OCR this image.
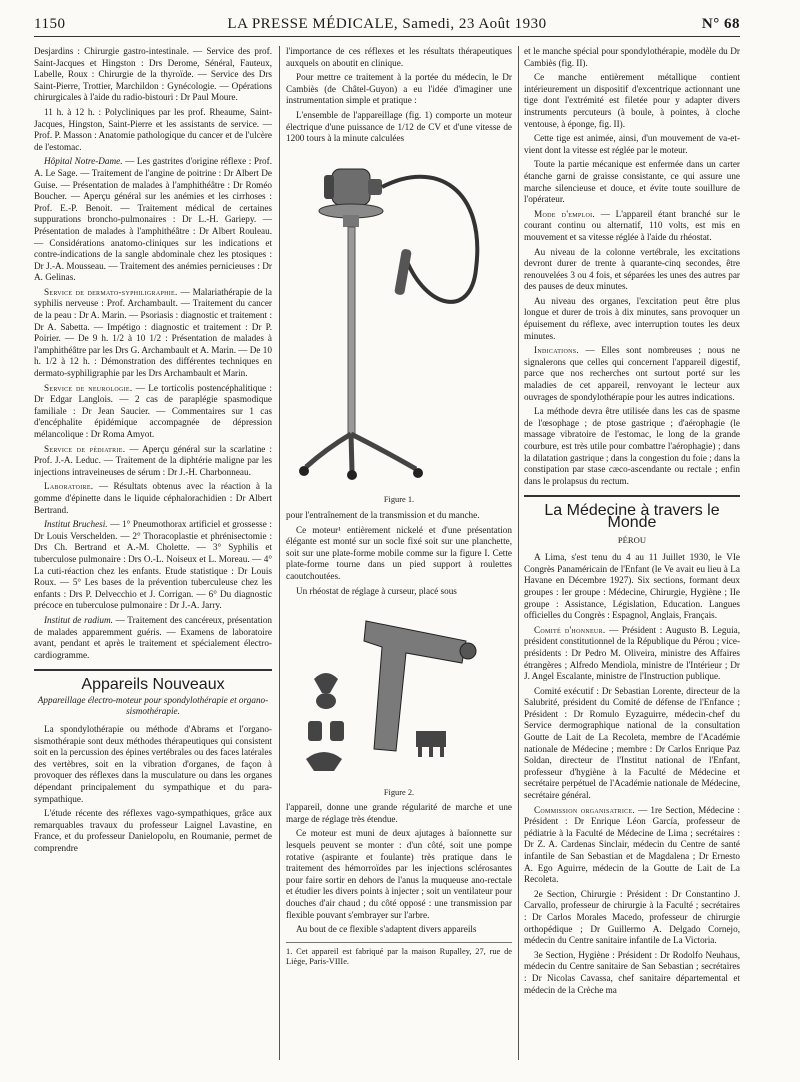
1150	LA PRESSE MÉDICALE, Samedi, 23 Août 1930	N° 68

Desjardins : Chirurgie gastro-intestinale. — Service des prof. Saint-Jacques et Hingston : Drs Derome, Sénéral, Fauteux, Labelle, Roux : Chirurgie de la thyroïde. — Service des Drs Saint-Pierre, Trottier, Marchildon : Gynécologie. — Opérations chirurgicales à l'aide du radio-bistouri : Dr Paul Moure.

11 h. à 12 h. : Polycliniques par les prof. Rheaume, Saint-Jacques, Hingston, Saint-Pierre et les assistants de service. — Prof. P. Masson : Anatomie pathologique du cancer et de l'ulcère de l'estomac.

Hôpital Notre-Dame. — Les gastrites d'origine réflexe : Prof. A. Le Sage. — Traitement de l'angine de poitrine : Dr Albert De Guise. — Présentation de malades à l'amphithéâtre : Dr Roméo Boucher. — Aperçu général sur les anémies et les cirrhoses : Prof. E.-P. Benoit. — Traitement médical de certaines suppurations broncho-pulmonaires : Dr L.-H. Gariepy. — Présentation de malades à l'amphithéâtre : Dr Albert Rouleau. — Considérations anatomo-cliniques sur les indications et contre-indications de la sangle abdominale chez les ptosiques : Dr J.-A. Mousseau. — Traitement des anémies pernicieuses : Dr A. Gelinas.

Service de dermato-syphiligraphie. — Malariathérapie de la syphilis nerveuse : Prof. Archambault. — Traitement du cancer de la peau : Dr A. Marin. — Psoriasis : diagnostic et traitement : Dr A. Sabetta. — Impétigo : diagnostic et traitement : Dr P. Poirier. — De 9 h. 1/2 à 10 1/2 : Présentation de malades à l'amphithéâtre par les Drs G. Archambault et A. Marin. — De 10 h. 1/2 à 12 h. : Démonstration des différentes techniques en dermato-syphiligraphie par les Drs Archambault et Marin.

Service de neurologie. — Le torticolis postencéphalitique : Dr Edgar Langlois. — 2 cas de paraplégie spasmodique familiale : Dr Jean Saucier. — Commentaires sur 1 cas d'encéphalite épidémique accompagnée de dépression mélancolique : Dr Roma Amyot.

Service de pédiatrie. — Aperçu général sur la scarlatine : Prof. J.-A. Leduc. — Traitement de la diphtérie maligne par les injections intraveineuses de sérum : Dr J.-H. Charbonneau.

Laboratoire. — Résultats obtenus avec la réaction à la gomme d'épinette dans le liquide céphalorachidien : Dr Albert Bertrand.

Institut Bruchesi. — 1° Pneumothorax artificiel et grossesse : Dr Louis Verschelden. — 2° Thoracoplastie et phrénisectomie : Drs Ch. Bertrand et A.-M. Cholette. — 3° Syphilis et tuberculose pulmonaire : Drs O.-L. Noiseux et L. Moreau. — 4° La cuti-réaction chez les enfants. Etude statistique : Dr Louis Roux. — 5° Les bases de la prévention tuberculeuse chez les enfants : Drs P. Delvecchio et J. Corrigan. — 6° Du diagnostic précoce en tuberculose pulmonaire : Dr J.-A. Jarry.

Institut de radium. — Traitement des cancéreux, présentation de malades apparemment guéris. — Examens de laboratoire avant, pendant et après le traitement et spécialement électro-cardiogramme.

Appareils Nouveaux
Appareillage électro-moteur pour spondylothérapie et organo-sismothérapie.

La spondylothérapie ou méthode d'Abrams et l'organo-sismothérapie sont deux méthodes thérapeutiques qui consistent soit en la percussion des épines vertébrales ou des faces latérales des vertèbres, soit en la vibration d'organes, de façon à provoquer des réflexes dans la musculature ou dans les organes dépendant principalement du sympathique et du para-sympathique.

L'étude récente des réflexes vago-sympathiques, grâce aux remarquables travaux du professeur Laignel Lavastine, en France, et du professeur Danielopolu, en Roumanie, permet de comprendre

l'importance de ces réflexes et les résultats thérapeutiques auxquels on aboutit en clinique.

Pour mettre ce traitement à la portée du médecin, le Dr Cambiès (de Châtel-Guyon) a eu l'idée d'imaginer une instrumentation simple et pratique :

L'ensemble de l'appareillage (fig. 1) comporte un moteur électrique d'une puissance de 1/12 de CV et d'une vitesse de 1200 tours à la minute calculées

Figure 1.

pour l'entraînement de la transmission et du manche.

Ce moteur¹ entièrement nickelé et d'une présentation élégante est monté sur un socle fixé soit sur une planchette, soit sur une plate-forme mobile comme sur la figure I. Cette plate-forme tourne dans un pied support à roulettes caoutchoutées.

Un rhéostat de réglage à curseur, placé sous

Figure 2.

l'appareil, donne une grande régularité de marche et une marge de réglage très étendue.

Ce moteur est muni de deux ajutages à baïonnette sur lesquels peuvent se monter : d'un côté, soit une pompe rotative (aspirante et foulante) très pratique dans le traitement des hémorroïdes par les injections sclérosantes pour faire sortir en dehors de l'anus la muqueuse ano-rectale et étudier les divers points à injecter ; soit un ventilateur pour douches d'air chaud ; du côté opposé : une transmission par flexible pouvant s'embrayer sur l'arbre.

Au bout de ce flexible s'adaptent divers appareils

1. Cet appareil est fabriqué par la maison Rupalley, 27, rue de Liège, Paris-VIIIe.

et le manche spécial pour spondylothérapie, modèle du Dr Cambiès (fig. II).

Ce manche entièrement métallique contient intérieurement un dispositif d'excentrique actionnant une tige dont l'extrémité est filetée pour y adapter divers instruments percuteurs (à boule, à pointes, à cloche ventouse, à éponge, fig. II).

Cette tige est animée, ainsi, d'un mouvement de va-et-vient dont la vitesse est réglée par le moteur.

Toute la partie mécanique est enfermée dans un carter étanche garni de graisse consistante, ce qui assure une marche silencieuse et douce, et évite toute souillure de l'opérateur.

Mode d'emploi. — L'appareil étant branché sur le courant continu ou alternatif, 110 volts, est mis en mouvement et sa vitesse réglée à l'aide du rhéostat.

Au niveau de la colonne vertébrale, les excitations devront durer de trente à quarante-cinq secondes, être renouvelées 3 ou 4 fois, et séparées les unes des autres par des pauses de deux minutes.

Au niveau des organes, l'excitation peut être plus longue et durer de trois à dix minutes, sans provoquer un épuisement du réflexe, avec interruption toutes les deux minutes.

Indications. — Elles sont nombreuses ; nous ne signalerons que celles qui concernent l'appareil digestif, parce que nos recherches ont surtout porté sur les maladies de cet appareil, renvoyant le lecteur aux ouvrages de spondylothérapie pour les autres indications.

La méthode devra être utilisée dans les cas de spasme de l'œsophage ; de ptose gastrique ; d'aérophagie (le massage vibratoire de l'estomac, le long de la grande courbure, est très utile pour combattre l'aérophagie) ; dans la dilatation gastrique ; dans la congestion du foie ; dans la constipation par stase cæco-ascendante ou rectale ; enfin dans le prolapsus du rectum.

La Médecine à travers le Monde
PÉROU

A Lima, s'est tenu du 4 au 11 Juillet 1930, le VIe Congrès Panaméricain de l'Enfant (le Ve avait eu lieu à La Havane en Décembre 1927). Six sections, formant deux groupes : Ier groupe : Médecine, Chirurgie, Hygiène ; IIe groupe : Assistance, Législation, Education. Langues officielles du Congrès : Espagnol, Anglais, Français.

Comité d'honneur. — Président : Augusto B. Leguia, président constitutionnel de la République du Pérou ; vice-présidents : Dr Pedro M. Oliveira, ministre des Affaires étrangères ; Alfredo Mendiola, ministre de l'Intérieur ; Dr J. Angel Escalante, ministre de l'Instruction publique.

Comité exécutif : Dr Sebastian Lorente, directeur de la Salubrité, président du Comité de défense de l'Enfance ; Président : Dr Romulo Eyzaguirre, médecin-chef du Service dermographique national de la consultation Goutte de Lait de La Recoleta, membre de l'Académie nationale de Médecine ; membre : Dr Carlos Enrique Paz Soldan, directeur de l'Institut national de l'Enfant, professeur d'hygiène à la Faculté de Médecine et secrétaire perpétuel de l'Académie nationale de Médecine, secrétaire général.

Commission organisatrice. — 1re Section, Médecine : Président : Dr Enrique Léon García, professeur de pédiatrie à la Faculté de Médecine de Lima ; secrétaires : Dr Z. A. Cardenas Sinclair, médecin du Centre de santé infantile de San Sebastian et de Magdalena ; Dr Ernesto A. Ego Aguirre, médecin de la Goutte de Lait de La Recoleta.

2e Section, Chirurgie : Président : Dr Constantino J. Carvallo, professeur de chirurgie à la Faculté ; secrétaires : Dr Carlos Morales Macedo, professeur de chirurgie orthopédique ; Dr Guillermo A. Delgado Cornejo, médecin du Centre sanitaire infantile de La Victoria.

3e Section, Hygiène : Président : Dr Rodolfo Neuhaus, médecin du Centre sanitaire de San Sebastian ; secrétaires : Dr Nicolas Cavassa, chef sanitaire départemental et médecin de la Crèche ma
